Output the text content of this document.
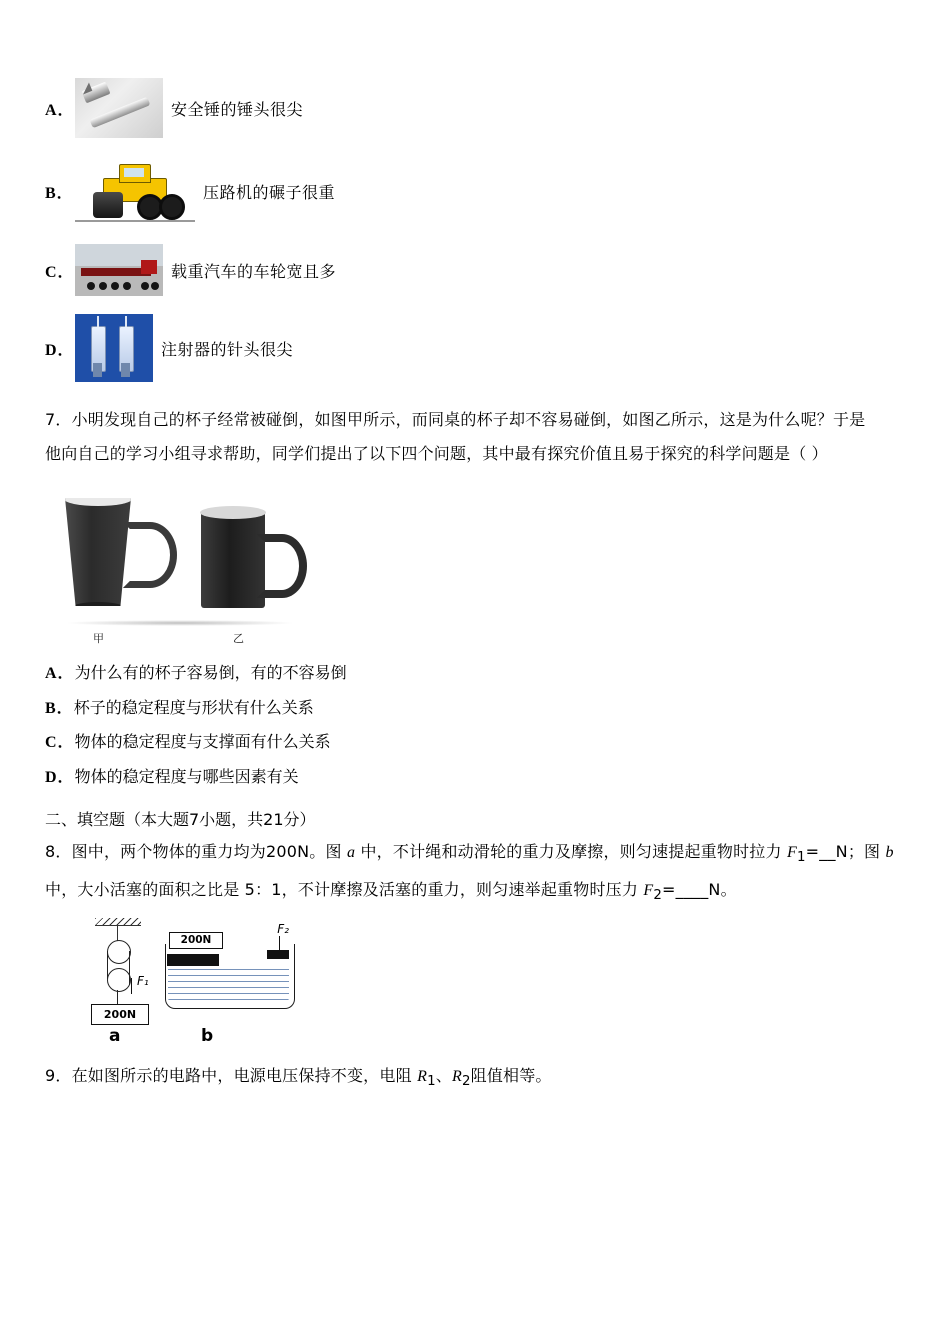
A．	安全锤的锤头很尖
B．	压路机的碾子很重
C．	载重汽车的车轮宽且多
D．	注射器的针头很尖

7．小明发现自己的杯子经常被碰倒，如图甲所示，而同桌的杯子却不容易碰倒，如图乙所示，这是为什么呢？于是

他向自己的学习小组寻求帮助，同学们提出了以下四个问题，其中最有探究价值且易于探究的科学问题是（ ）

甲	乙

A．为什么有的杯子容易倒，有的不容易倒

B．杯子的稳定程度与形状有什么关系

C．物体的稳定程度与支撑面有什么关系

D．物体的稳定程度与哪些因素有关

二、填空题（本大题7小题，共21分）

8．图中，两个物体的重力均为200N。图 a 中，不计绳和动滑轮的重力及摩擦，则匀速提起重物时拉力 $F_1=\_\_N$；图 b

中，大小活塞的面积之比是 5：1，不计摩擦及活塞的重力，则匀速举起重物时压力 $F_2=\_\_\_\_N$。

F₁
200N
200N
F₂
a	b

9．在如图所示的电路中，电源电压保持不变，电阻 $R_1$、$R_2$阻值相等。
